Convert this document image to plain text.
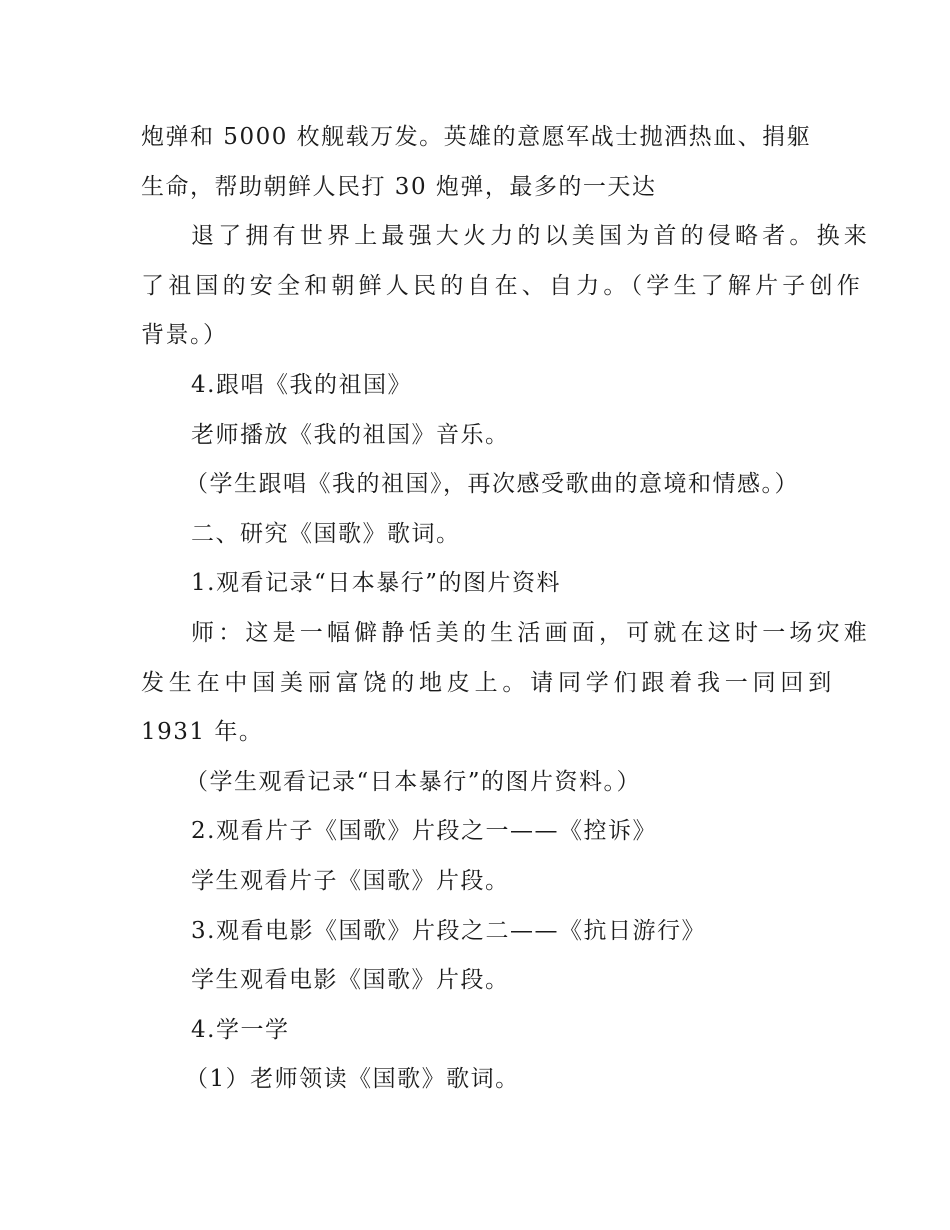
炮弹和 5000 枚舰载万发。英雄的意愿军战士抛洒热血、捐躯
生命，帮助朝鲜人民打 30 炮弹，最多的一天达
退了拥有世界上最强大火力的以美国为首的侵略者。换来
了祖国的安全和朝鲜人民的自在、自力。（学生了解片子创作
背景。）
4.跟唱《我的祖国》
老师播放《我的祖国》音乐。
（学生跟唱《我的祖国》，再次感受歌曲的意境和情感。）
二、研究《国歌》歌词。
1.观看记录“日本暴行”的图片资料
师：这是一幅僻静恬美的生活画面，可就在这时一场灾难
发生在中国美丽富饶的地皮上。请同学们跟着我一同回到
1931 年。
（学生观看记录“日本暴行”的图片资料。）
2.观看片子《国歌》片段之一——《控诉》
学生观看片子《国歌》片段。
3.观看电影《国歌》片段之二——《抗日游行》
学生观看电影《国歌》片段。
4.学一学
（1）老师领读《国歌》歌词。
